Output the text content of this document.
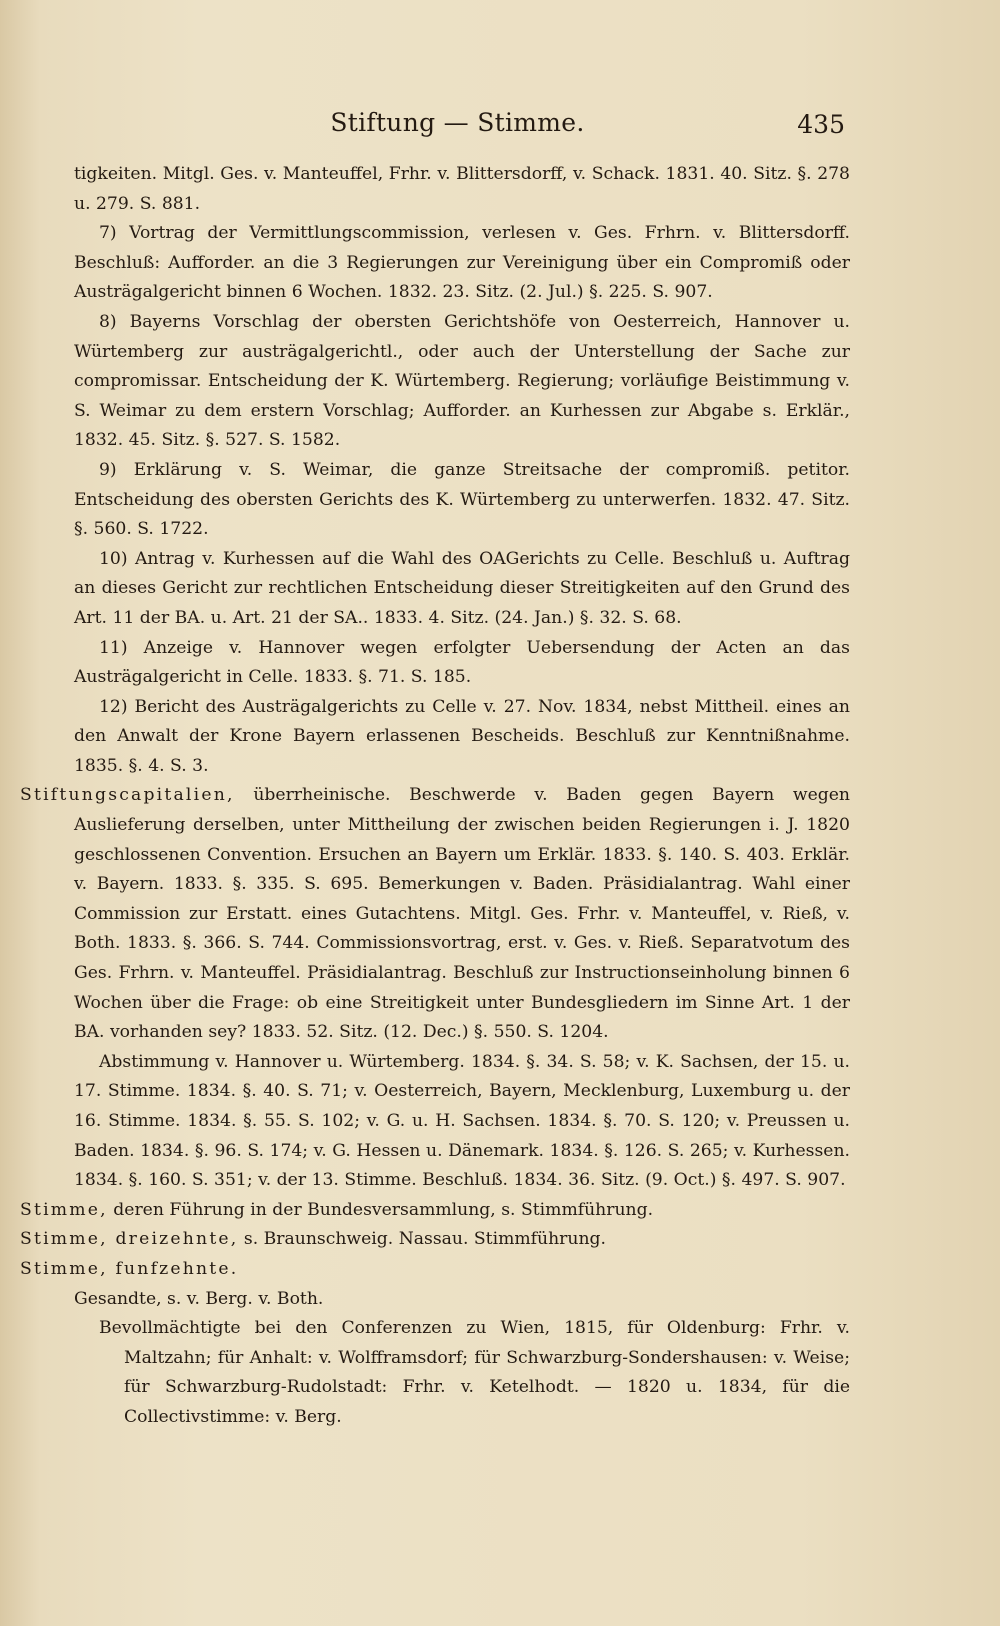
Stiftung — Stimme.	435

tigkeiten. Mitgl. Ges. v. Manteuffel, Frhr. v. Blittersdorff, v. Schack. 1831. 40. Sitz. §. 278 u. 279. S. 881.

7) Vortrag der Vermittlungscommission, verlesen v. Ges. Frhrn. v. Blittersdorff. Beschluß: Aufforder. an die 3 Regierungen zur Vereinigung über ein Compromiß oder Austrägalgericht binnen 6 Wochen. 1832. 23. Sitz. (2. Jul.) §. 225. S. 907.

8) Bayerns Vorschlag der obersten Gerichtshöfe von Oesterreich, Hannover u. Würtemberg zur austrägalgerichtl., oder auch der Unterstellung der Sache zur compromissar. Entscheidung der K. Würtemberg. Regierung; vorläufige Beistimmung v. S. Weimar zu dem erstern Vorschlag; Aufforder. an Kurhessen zur Abgabe s. Erklär., 1832. 45. Sitz. §. 527. S. 1582.

9) Erklärung v. S. Weimar, die ganze Streitsache der compromiß. petitor. Entscheidung des obersten Gerichts des K. Würtemberg zu unterwerfen. 1832. 47. Sitz. §. 560. S. 1722.

10) Antrag v. Kurhessen auf die Wahl des OAGerichts zu Celle. Beschluß u. Auftrag an dieses Gericht zur rechtlichen Entscheidung dieser Streitigkeiten auf den Grund des Art. 11 der BA. u. Art. 21 der SA.. 1833. 4. Sitz. (24. Jan.) §. 32. S. 68.

11) Anzeige v. Hannover wegen erfolgter Uebersendung der Acten an das Austrägalgericht in Celle. 1833. §. 71. S. 185.

12) Bericht des Austrägalgerichts zu Celle v. 27. Nov. 1834, nebst Mittheil. eines an den Anwalt der Krone Bayern erlassenen Bescheids. Beschluß zur Kenntnißnahme. 1835. §. 4. S. 3.

Stiftungscapitalien, überrheinische. Beschwerde v. Baden gegen Bayern wegen Auslieferung derselben, unter Mittheilung der zwischen beiden Regierungen i. J. 1820 geschlossenen Convention. Ersuchen an Bayern um Erklär. 1833. §. 140. S. 403. Erklär. v. Bayern. 1833. §. 335. S. 695. Bemerkungen v. Baden. Präsidialantrag. Wahl einer Commission zur Erstatt. eines Gutachtens. Mitgl. Ges. Frhr. v. Manteuffel, v. Rieß, v. Both. 1833. §. 366. S. 744. Commissionsvortrag, erst. v. Ges. v. Rieß. Separatvotum des Ges. Frhrn. v. Manteuffel. Präsidialantrag. Beschluß zur Instructionseinholung binnen 6 Wochen über die Frage: ob eine Streitigkeit unter Bundesgliedern im Sinne Art. 1 der BA. vorhanden sey? 1833. 52. Sitz. (12. Dec.) §. 550. S. 1204.

Abstimmung v. Hannover u. Würtemberg. 1834. §. 34. S. 58; v. K. Sachsen, der 15. u. 17. Stimme. 1834. §. 40. S. 71; v. Oesterreich, Bayern, Mecklenburg, Luxemburg u. der 16. Stimme. 1834. §. 55. S. 102; v. G. u. H. Sachsen. 1834. §. 70. S. 120; v. Preussen u. Baden. 1834. §. 96. S. 174; v. G. Hessen u. Dänemark. 1834. §. 126. S. 265; v. Kurhessen. 1834. §. 160. S. 351; v. der 13. Stimme. Beschluß. 1834. 36. Sitz. (9. Oct.) §. 497. S. 907.

Stimme, deren Führung in der Bundesversammlung, s. Stimmführung.

Stimme, dreizehnte, s. Braunschweig. Nassau. Stimmführung.

Stimme, funfzehnte.

Gesandte, s. v. Berg. v. Both.

Bevollmächtigte bei den Conferenzen zu Wien, 1815, für Oldenburg: Frhr. v. Maltzahn; für Anhalt: v. Wolfframsdorf; für Schwarzburg-Sondershausen: v. Weise; für Schwarzburg-Rudolstadt: Frhr. v. Ketelhodt. — 1820 u. 1834, für die Collectivstimme: v. Berg.
